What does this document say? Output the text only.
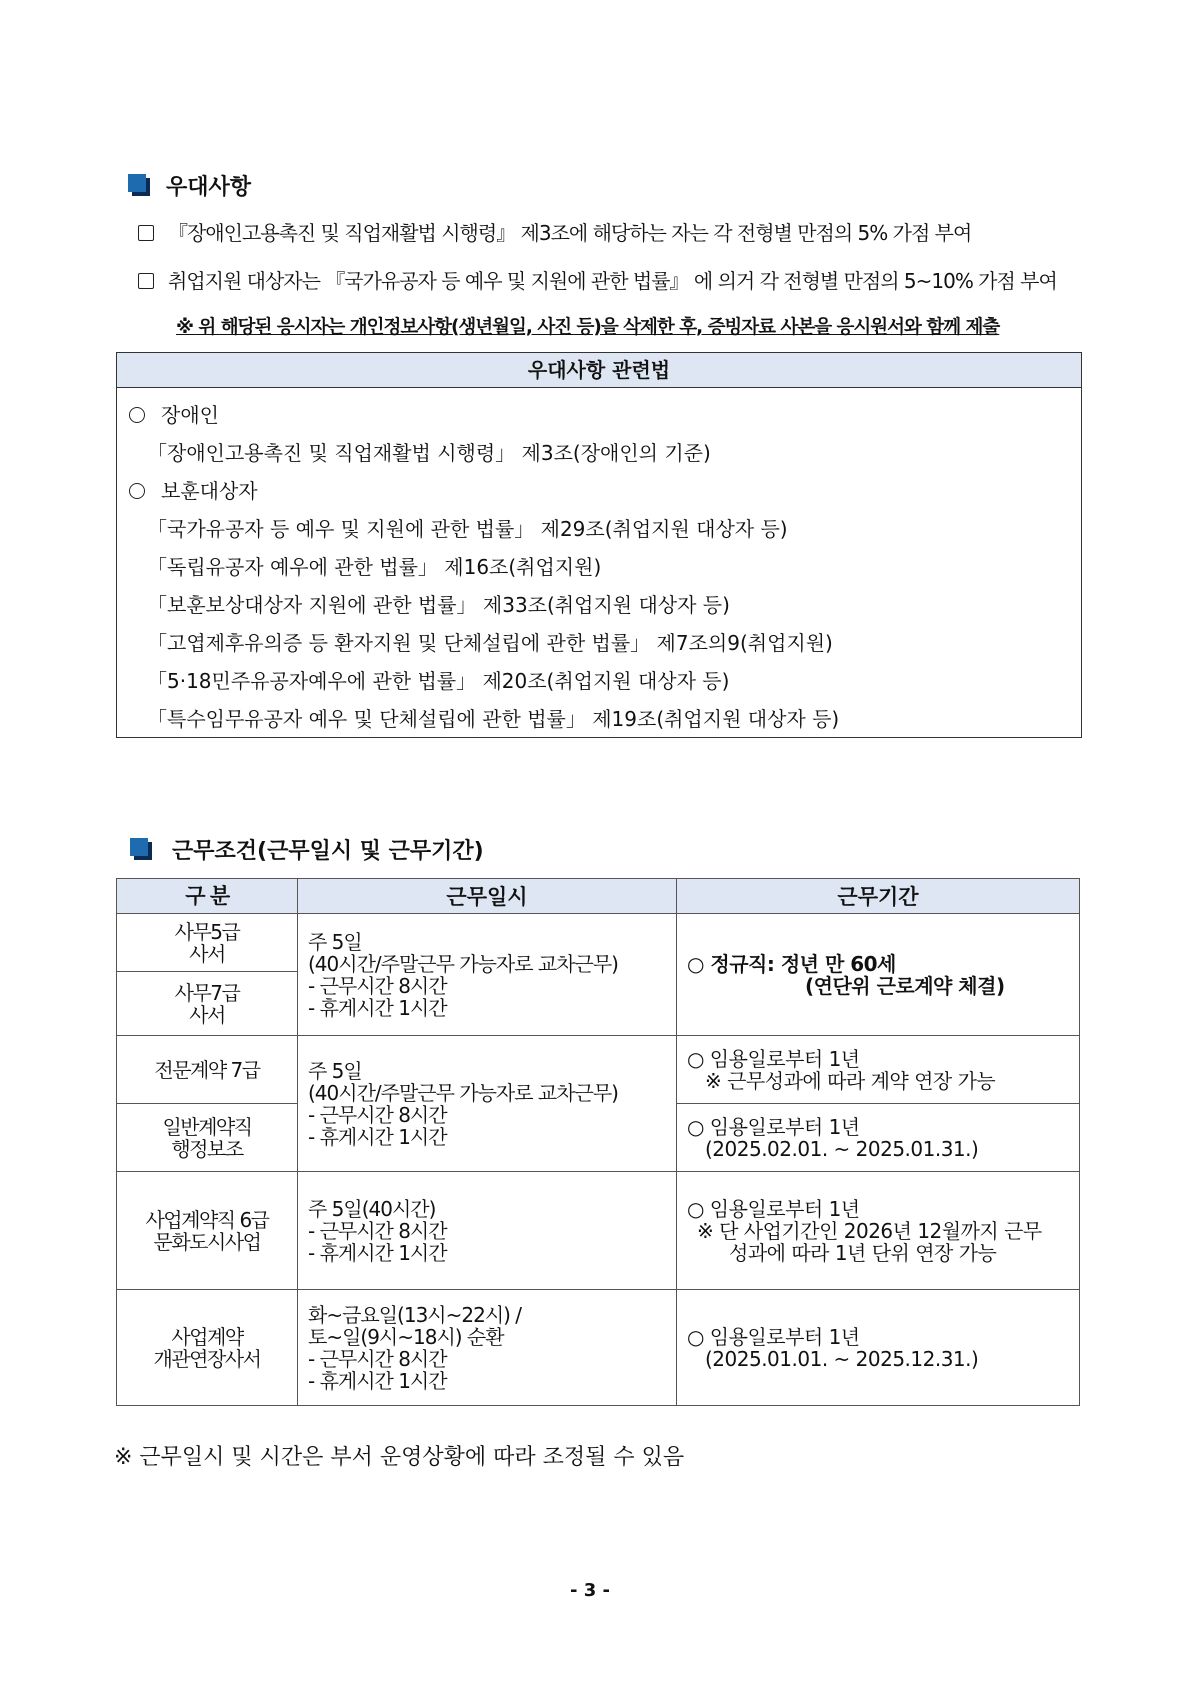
우대사항
『장애인고용촉진 및 직업재활법 시행령』 제3조에 해당하는 자는 각 전형별 만점의 5% 가점 부여
취업지원 대상자는 『국가유공자 등 예우 및 지원에 관한 법률』 에 의거 각 전형별 만점의 5~10% 가점 부여
※ 위 해당된 응시자는 개인정보사항(생년월일, 사진 등)을 삭제한 후, 증빙자료 사본을 응시원서와 함께 제출
우대사항 관련법
장애인
「장애인고용촉진 및 직업재활법 시행령」 제3조(장애인의 기준)
보훈대상자
「국가유공자 등 예우 및 지원에 관한 법률」 제29조(취업지원 대상자 등)
「독립유공자 예우에 관한 법률」 제16조(취업지원)
「보훈보상대상자 지원에 관한 법률」 제33조(취업지원 대상자 등)
「고엽제후유의증 등 환자지원 및 단체설립에 관한 법률」 제7조의9(취업지원)
「5·18민주유공자예우에 관한 법률」 제20조(취업지원 대상자 등)
「특수임무유공자 예우 및 단체설립에 관한 법률」 제19조(취업지원 대상자 등)
근무조건(근무일시 및 근무기간)
구 분	근무일시	근무기간

사무5급
사서	주 5일
(40시간/주말근무 가능자로 교차근무)
- 근무시간 8시간
- 휴게시간 1시간	○ 정규직: 정년 만 60세
(연단위 근로계약 체결)

사무7급
사서		

전문계약 7급	주 5일
(40시간/주말근무 가능자로 교차근무)
- 근무시간 8시간
- 휴게시간 1시간	○ 임용일로부터 1년
※ 근무성과에 따라 계약 연장 가능

일반계약직
행정보조		○ 임용일로부터 1년
(2025.02.01. ~ 2025.01.31.)

사업계약직 6급
문화도시사업	주 5일(40시간)
- 근무시간 8시간
- 휴게시간 1시간	○ 임용일로부터 1년
※ 단 사업기간인 2026년 12월까지 근무
성과에 따라 1년 단위 연장 가능

사업계약
개관연장사서	화~금요일(13시~22시) /
토~일(9시~18시) 순환
- 근무시간 8시간
- 휴게시간 1시간	○ 임용일로부터 1년
(2025.01.01. ~ 2025.12.31.)
※ 근무일시 및 시간은 부서 운영상황에 따라 조정될 수 있음
- 3 -
